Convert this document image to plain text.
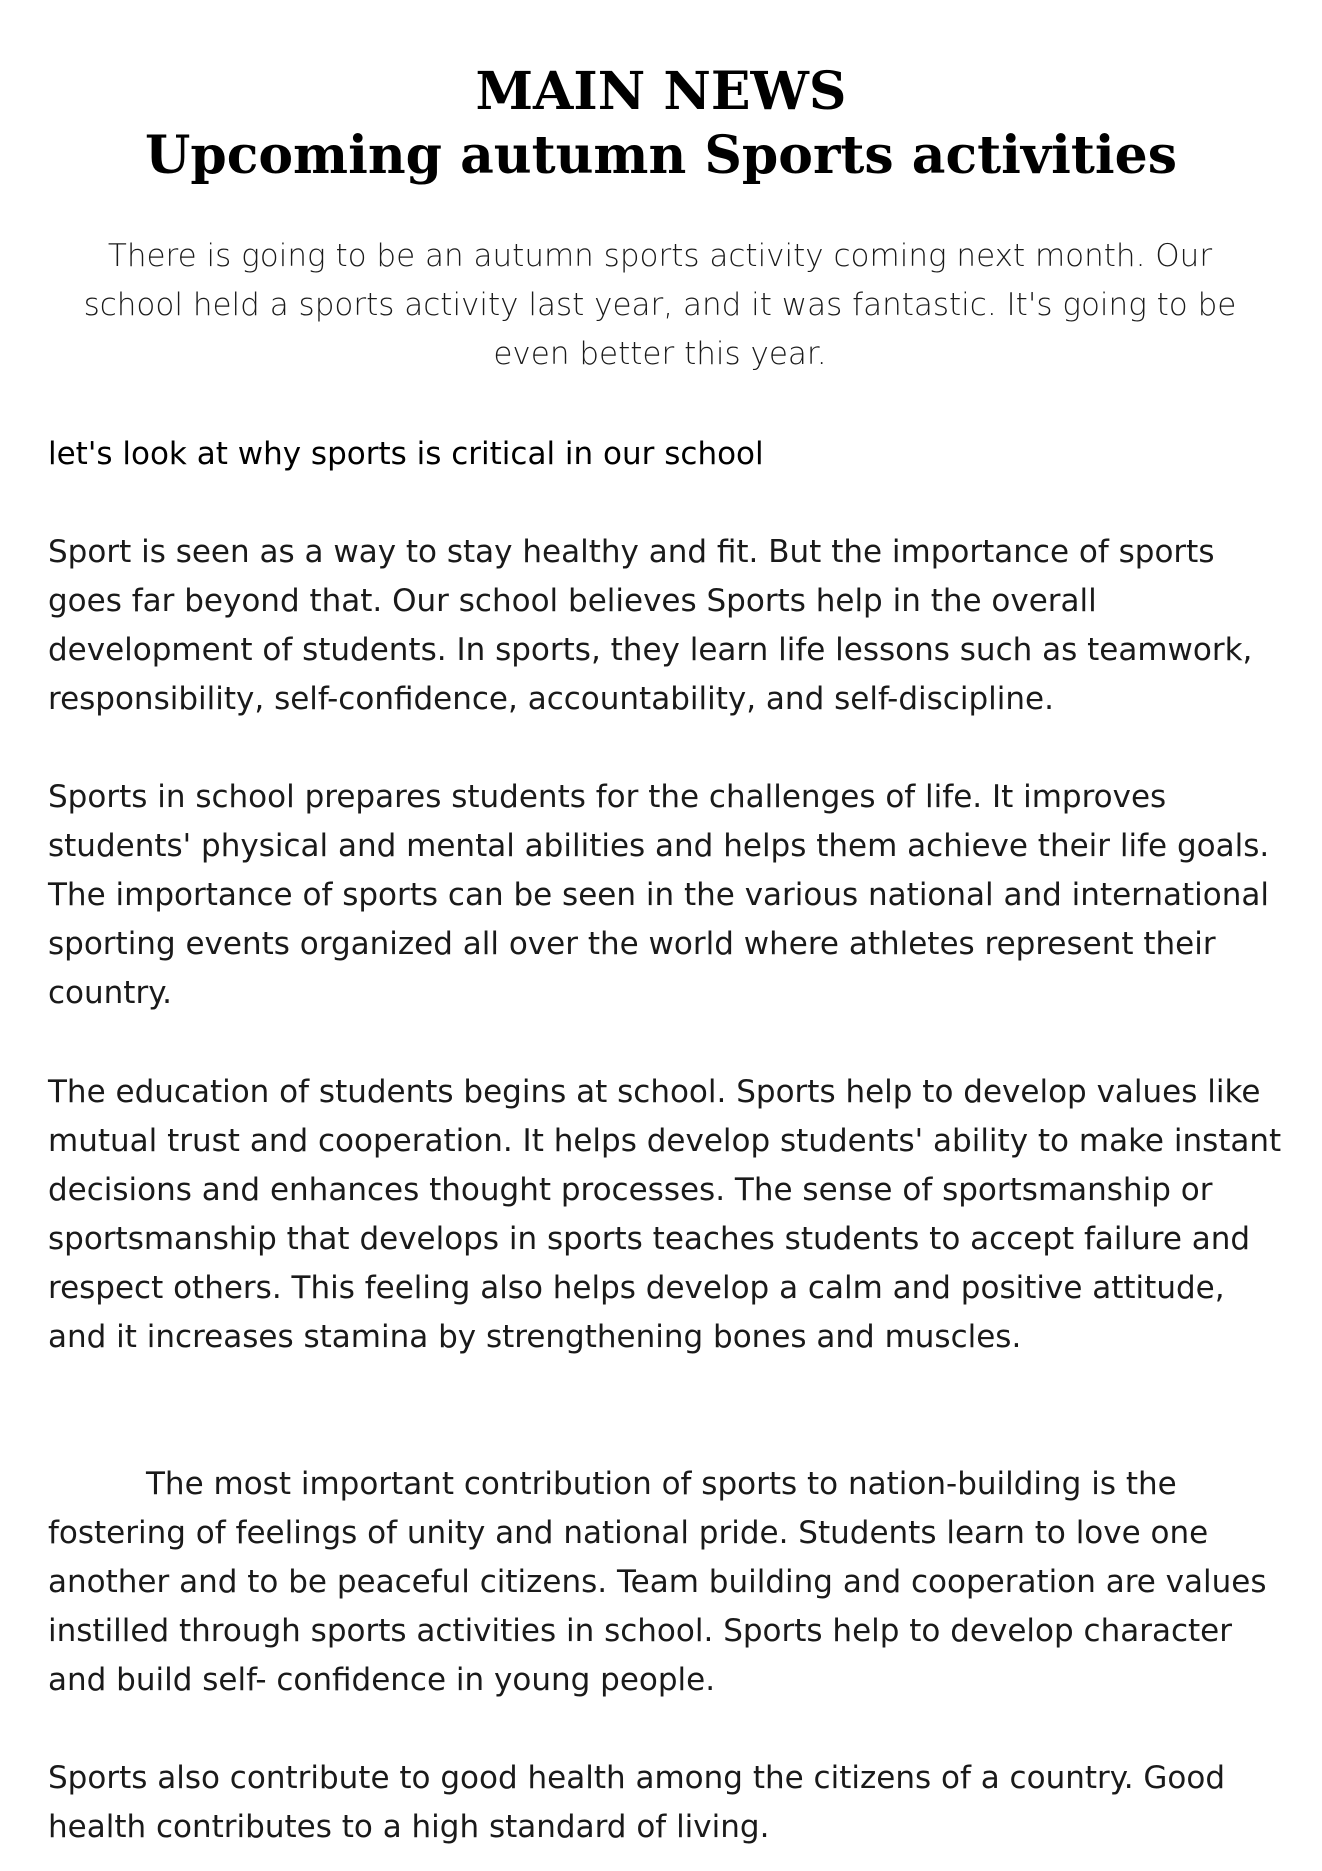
MAIN NEWS
Upcoming autumn Sports activities

There is going to be an autumn sports activity coming next month. Our school held a sports activity last year, and it was fantastic. It's going to be even better this year.

let's look at why sports is critical in our school

Sport is seen as a way to stay healthy and fit. But the importance of sports goes far beyond that. Our school believes Sports help in the overall development of students. In sports, they learn life lessons such as teamwork, responsibility, self-confidence, accountability, and self-discipline.

Sports in school prepares students for the challenges of life. It improves students' physical and mental abilities and helps them achieve their life goals. The importance of sports can be seen in the various national and international sporting events organized all over the world where athletes represent their country.

The education of students begins at school. Sports help to develop values like mutual trust and cooperation. It helps develop students' ability to make instant decisions and enhances thought processes. The sense of sportsmanship or sportsmanship that develops in sports teaches students to accept failure and respect others. This feeling also helps develop a calm and positive attitude, and it increases stamina by strengthening bones and muscles.

The most important contribution of sports to nation-building is the fostering of feelings of unity and national pride. Students learn to love one another and to be peaceful citizens. Team building and cooperation are values instilled through sports activities in school. Sports help to develop character and build self- confidence in young people.

Sports also contribute to good health among the citizens of a country. Good health contributes to a high standard of living.
